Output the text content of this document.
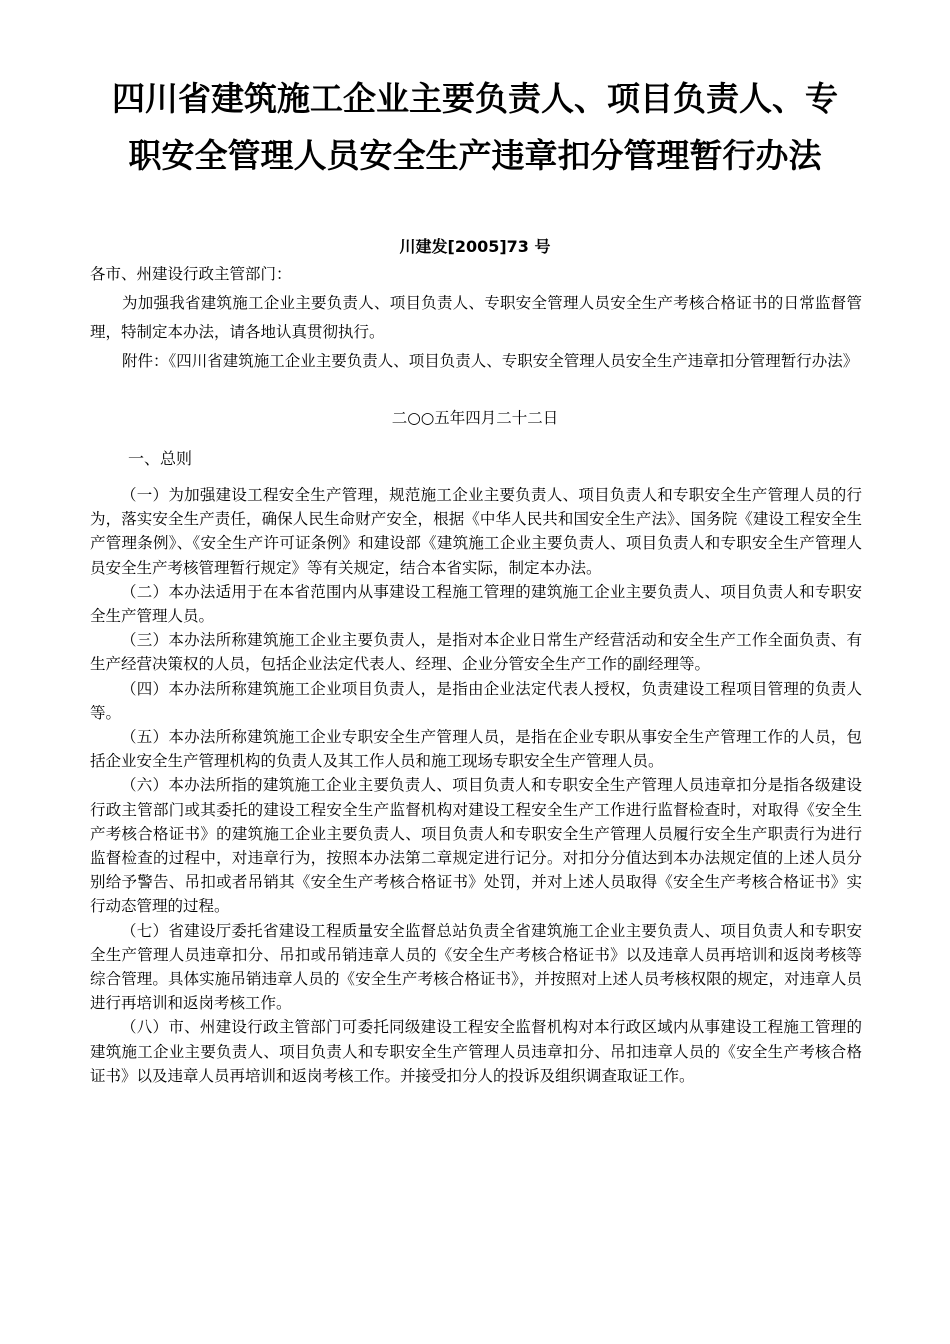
四川省建筑施工企业主要负责人、项目负责人、专
职安全管理人员安全生产违章扣分管理暂行办法
川建发[2005]73 号
各市、州建设行政主管部门：

为加强我省建筑施工企业主要负责人、项目负责人、专职安全管理人员安全生产考核合格证书的日常监督管理，特制定本办法，请各地认真贯彻执行。

附件：《四川省建筑施工企业主要负责人、项目负责人、专职安全管理人员安全生产违章扣分管理暂行办法》

二○○五年四月二十二日
一、总则

（一）为加强建设工程安全生产管理，规范施工企业主要负责人、项目负责人和专职安全生产管理人员的行为，落实安全生产责任，确保人民生命财产安全，根据《中华人民共和国安全生产法》、国务院《建设工程安全生产管理条例》、《安全生产许可证条例》和建设部《建筑施工企业主要负责人、项目负责人和专职安全生产管理人员安全生产考核管理暂行规定》等有关规定，结合本省实际，制定本办法。

（二）本办法适用于在本省范围内从事建设工程施工管理的建筑施工企业主要负责人、项目负责人和专职安全生产管理人员。

（三）本办法所称建筑施工企业主要负责人，是指对本企业日常生产经营活动和安全生产工作全面负责、有生产经营决策权的人员，包括企业法定代表人、经理、企业分管安全生产工作的副经理等。

（四）本办法所称建筑施工企业项目负责人，是指由企业法定代表人授权，负责建设工程项目管理的负责人等。

（五）本办法所称建筑施工企业专职安全生产管理人员，是指在企业专职从事安全生产管理工作的人员，包括企业安全生产管理机构的负责人及其工作人员和施工现场专职安全生产管理人员。

（六）本办法所指的建筑施工企业主要负责人、项目负责人和专职安全生产管理人员违章扣分是指各级建设行政主管部门或其委托的建设工程安全生产监督机构对建设工程安全生产工作进行监督检查时，对取得《安全生产考核合格证书》的建筑施工企业主要负责人、项目负责人和专职安全生产管理人员履行安全生产职责行为进行监督检查的过程中，对违章行为，按照本办法第二章规定进行记分。对扣分分值达到本办法规定值的上述人员分别给予警告、吊扣或者吊销其《安全生产考核合格证书》处罚，并对上述人员取得《安全生产考核合格证书》实行动态管理的过程。

（七）省建设厅委托省建设工程质量安全监督总站负责全省建筑施工企业主要负责人、项目负责人和专职安全生产管理人员违章扣分、吊扣或吊销违章人员的《安全生产考核合格证书》以及违章人员再培训和返岗考核等综合管理。具体实施吊销违章人员的《安全生产考核合格证书》，并按照对上述人员考核权限的规定，对违章人员进行再培训和返岗考核工作。

（八）市、州建设行政主管部门可委托同级建设工程安全监督机构对本行政区域内从事建设工程施工管理的建筑施工企业主要负责人、项目负责人和专职安全生产管理人员违章扣分、吊扣违章人员的《安全生产考核合格证书》以及违章人员再培训和返岗考核工作。并接受扣分人的投诉及组织调查取证工作。
